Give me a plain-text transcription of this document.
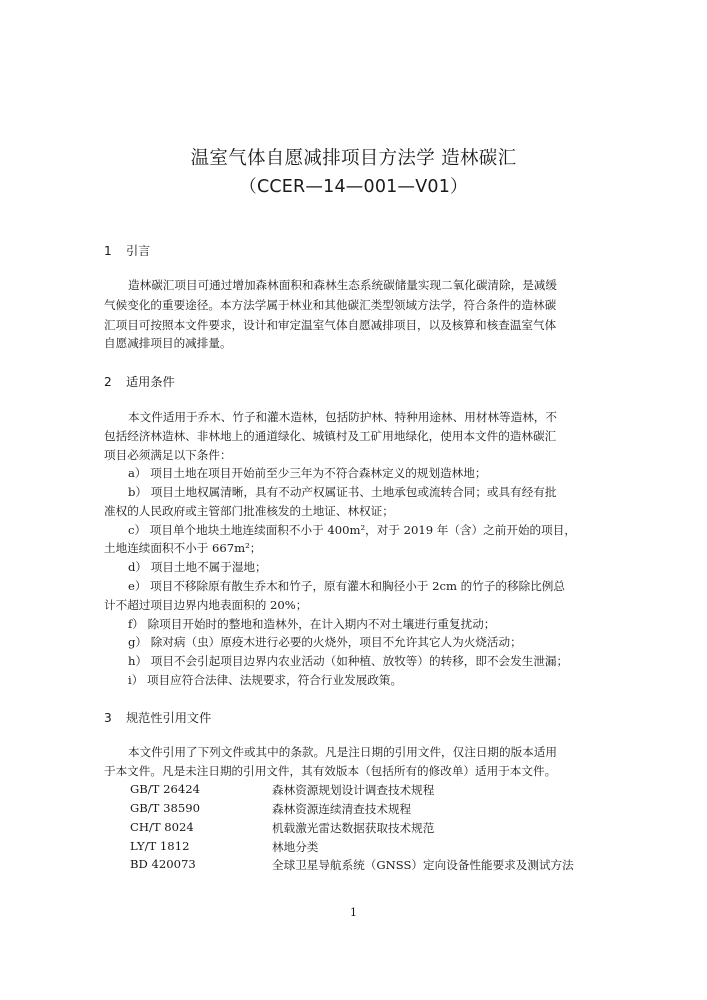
温室气体自愿减排项目方法学 造林碳汇
（CCER—14—001—V01）
1 引言
造林碳汇项目可通过增加森林面积和森林生态系统碳储量实现二氧化碳清除，是减缓
气候变化的重要途径。本方法学属于林业和其他碳汇类型领域方法学，符合条件的造林碳
汇项目可按照本文件要求，设计和审定温室气体自愿减排项目，以及核算和核查温室气体
自愿减排项目的减排量。
2 适用条件
本文件适用于乔木、竹子和灌木造林，包括防护林、特种用途林、用材林等造林，不
包括经济林造林、非林地上的通道绿化、城镇村及工矿用地绿化，使用本文件的造林碳汇
项目必须满足以下条件：
a） 项目土地在项目开始前至少三年为不符合森林定义的规划造林地；
b） 项目土地权属清晰，具有不动产权属证书、土地承包或流转合同；或具有经有批
准权的人民政府或主管部门批准核发的土地证、林权证；
c） 项目单个地块土地连续面积不小于 400m²，对于 2019 年（含）之前开始的项目，
土地连续面积不小于 667m²；
d） 项目土地不属于湿地；
e） 项目不移除原有散生乔木和竹子，原有灌木和胸径小于 2cm 的竹子的移除比例总
计不超过项目边界内地表面积的 20%；
f） 除项目开始时的整地和造林外，在计入期内不对土壤进行重复扰动；
g） 除对病（虫）原疫木进行必要的火烧外，项目不允许其它人为火烧活动；
h） 项目不会引起项目边界内农业活动（如种植、放牧等）的转移，即不会发生泄漏；
i） 项目应符合法律、法规要求，符合行业发展政策。
3 规范性引用文件
本文件引用了下列文件或其中的条款。凡是注日期的引用文件，仅注日期的版本适用
于本文件。凡是未注日期的引用文件，其有效版本（包括所有的修改单）适用于本文件。
GB/T 26424	森林资源规划设计调查技术规程
GB/T 38590	森林资源连续清查技术规程
CH/T 8024	机载激光雷达数据获取技术规范
LY/T 1812	林地分类
BD 420073	全球卫星导航系统（GNSS）定向设备性能要求及测试方法
1
